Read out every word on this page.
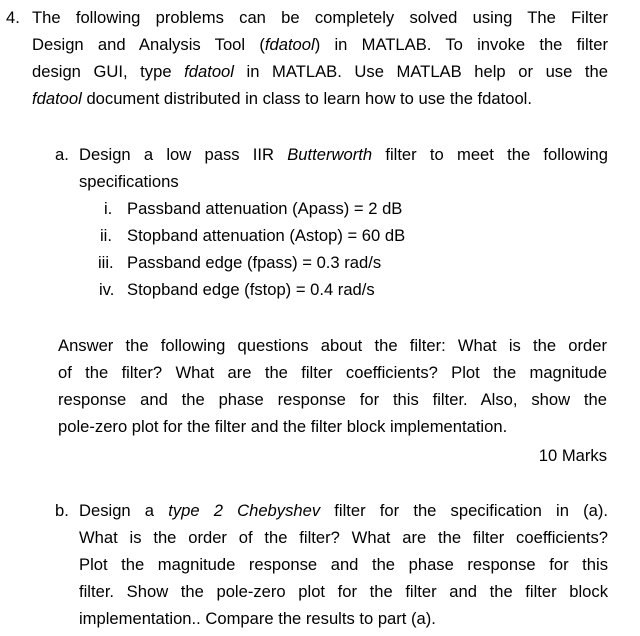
4. The following problems can be completely solved using The Filter
Design and Analysis Tool (fdatool) in MATLAB. To invoke the filter
design GUI, type fdatool in MATLAB. Use MATLAB help or use the
fdatool document distributed in class to learn how to use the fdatool.
a. Design a low pass IIR Butterworth filter to meet the following
specifications
i. Passband attenuation (Apass) = 2 dB
ii. Stopband attenuation (Astop) = 60 dB
iii. Passband edge (fpass) = 0.3 rad/s
iv. Stopband edge (fstop) = 0.4 rad/s
Answer the following questions about the filter: What is the order
of the filter? What are the filter coefficients? Plot the magnitude
response and the phase response for this filter. Also, show the
pole-zero plot for the filter and the filter block implementation.
10 Marks
b. Design a type 2 Chebyshev filter for the specification in (a).
What is the order of the filter? What are the filter coefficients?
Plot the magnitude response and the phase response for this
filter. Show the pole-zero plot for the filter and the filter block
implementation.. Compare the results to part (a).
